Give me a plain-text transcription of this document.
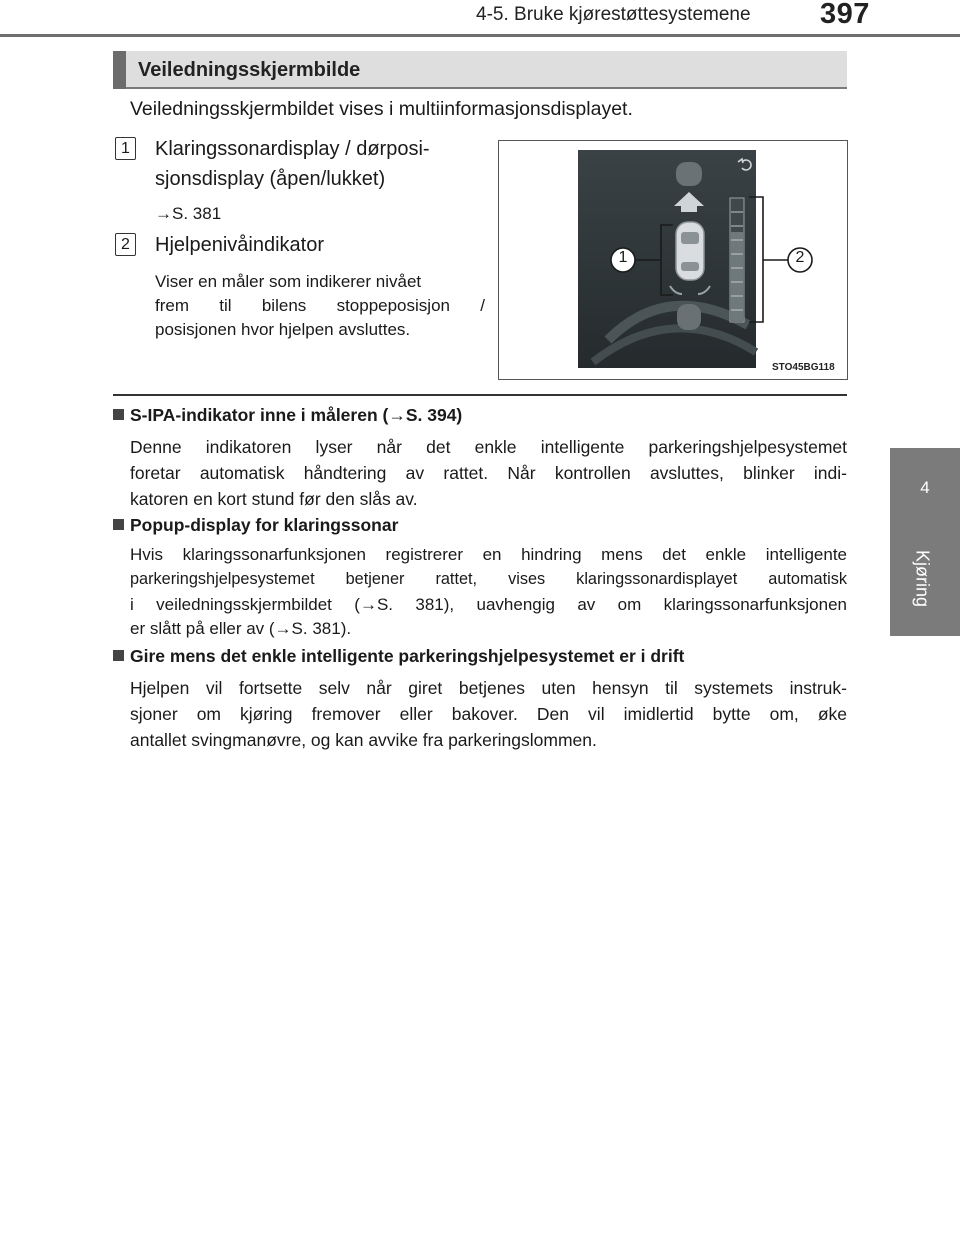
4-5. Bruke kjørestøttesystemene 397
4
Kjøring
Veiledningsskjermbilde
Veiledningsskjermbildet vises i multiinformasjonsdisplayet.
1	Klaringssonardisplay / dørposi-
sjonsdisplay (åpen/lukket)
→S. 381
2	Hjelpenivåindikator
Viser en måler som indikerer nivået
frem til bilens stoppeposisjon /
posisjonen hvor hjelpen avsluttes.
1	2
STO45BG118
S-IPA-indikator inne i måleren (→S. 394)
Denne indikatoren lyser når det enkle intelligente parkeringshjelpesystemet
foretar automatisk håndtering av rattet. Når kontrollen avsluttes, blinker indi-
katoren en kort stund før den slås av.
Popup-display for klaringssonar
Hvis klaringssonarfunksjonen registrerer en hindring mens det enkle intelligente
parkeringshjelpesystemet betjener rattet, vises klaringssonardisplayet automatisk
i veiledningsskjermbildet (→S. 381), uavhengig av om klaringssonarfunksjonen
er slått på eller av (→S. 381).
Gire mens det enkle intelligente parkeringshjelpesystemet er i drift
Hjelpen vil fortsette selv når giret betjenes uten hensyn til systemets instruk-
sjoner om kjøring fremover eller bakover. Den vil imidlertid bytte om, øke
antallet svingmanøvre, og kan avvike fra parkeringslommen.
